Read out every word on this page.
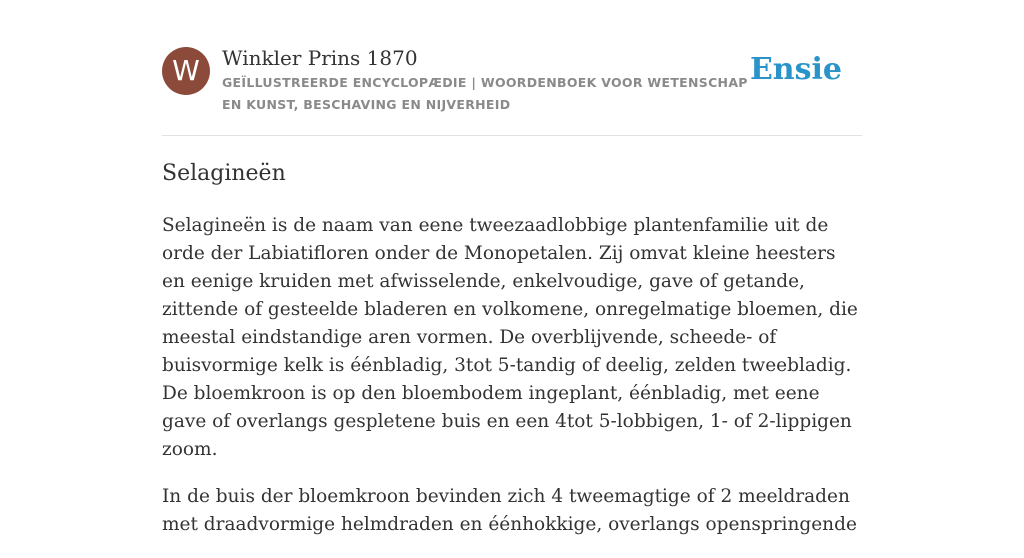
W	Winkler Prins 1870
GEÏLLUSTREERDE ENCYCLOPÆDIE | WOORDENBOEK VOOR WETENSCHAP EN KUNST, BESCHAVING EN NIJVERHEID
Ensie
Selagineën

Selagineën is de naam van eene tweezaadlobbige plantenfamilie uit de orde der Labiatifloren onder de Monopetalen. Zij omvat kleine heesters en eenige kruiden met afwisselende, enkelvoudige, gave of getande, zittende of gesteelde bladeren en volkomene, onregelmatige bloemen, die meestal eindstandige aren vormen. De overblijvende, scheede- of buisvormige kelk is éénbladig, 3tot 5-tandig of deelig, zelden tweebladig. De bloemkroon is op den bloembodem ingeplant, éénbladig, met eene gave of overlangs gespletene buis en een 4tot 5-lobbigen, 1- of 2-lippigen zoom.

In de buis der bloemkroon bevinden zich 4 tweemagtige of 2 meeldraden met draadvormige helmdraden en éénhokkige, overlangs openspringende
